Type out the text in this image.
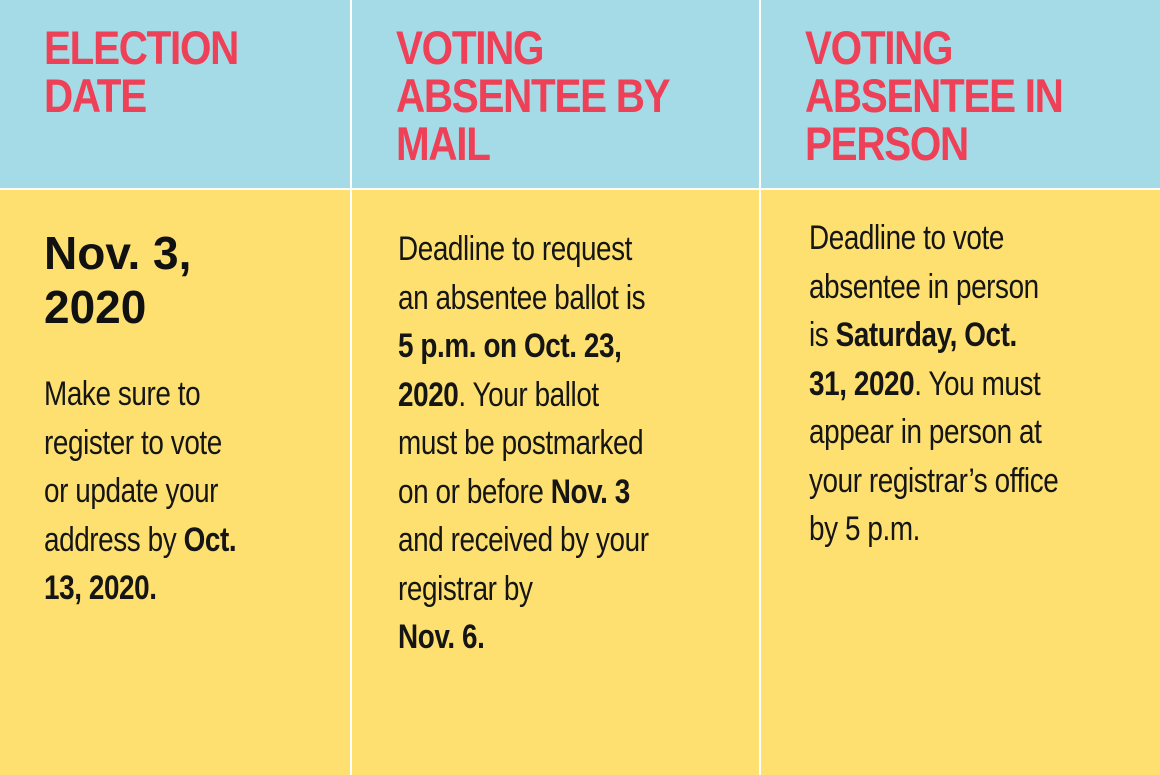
ELECTION
DATE
VOTING
ABSENTEE BY
MAIL
VOTING
ABSENTEE IN
PERSON
Nov. 3,
2020
Make sure to
register to vote
or update your
address by Oct.
13, 2020.
Deadline to request
an absentee ballot is
5 p.m. on Oct. 23,
2020. Your ballot
must be postmarked
on or before Nov. 3
and received by your
registrar by
Nov. 6.
Deadline to vote
absentee in person
is Saturday, Oct.
31, 2020. You must
appear in person at
your registrar’s office
by 5 p.m.
